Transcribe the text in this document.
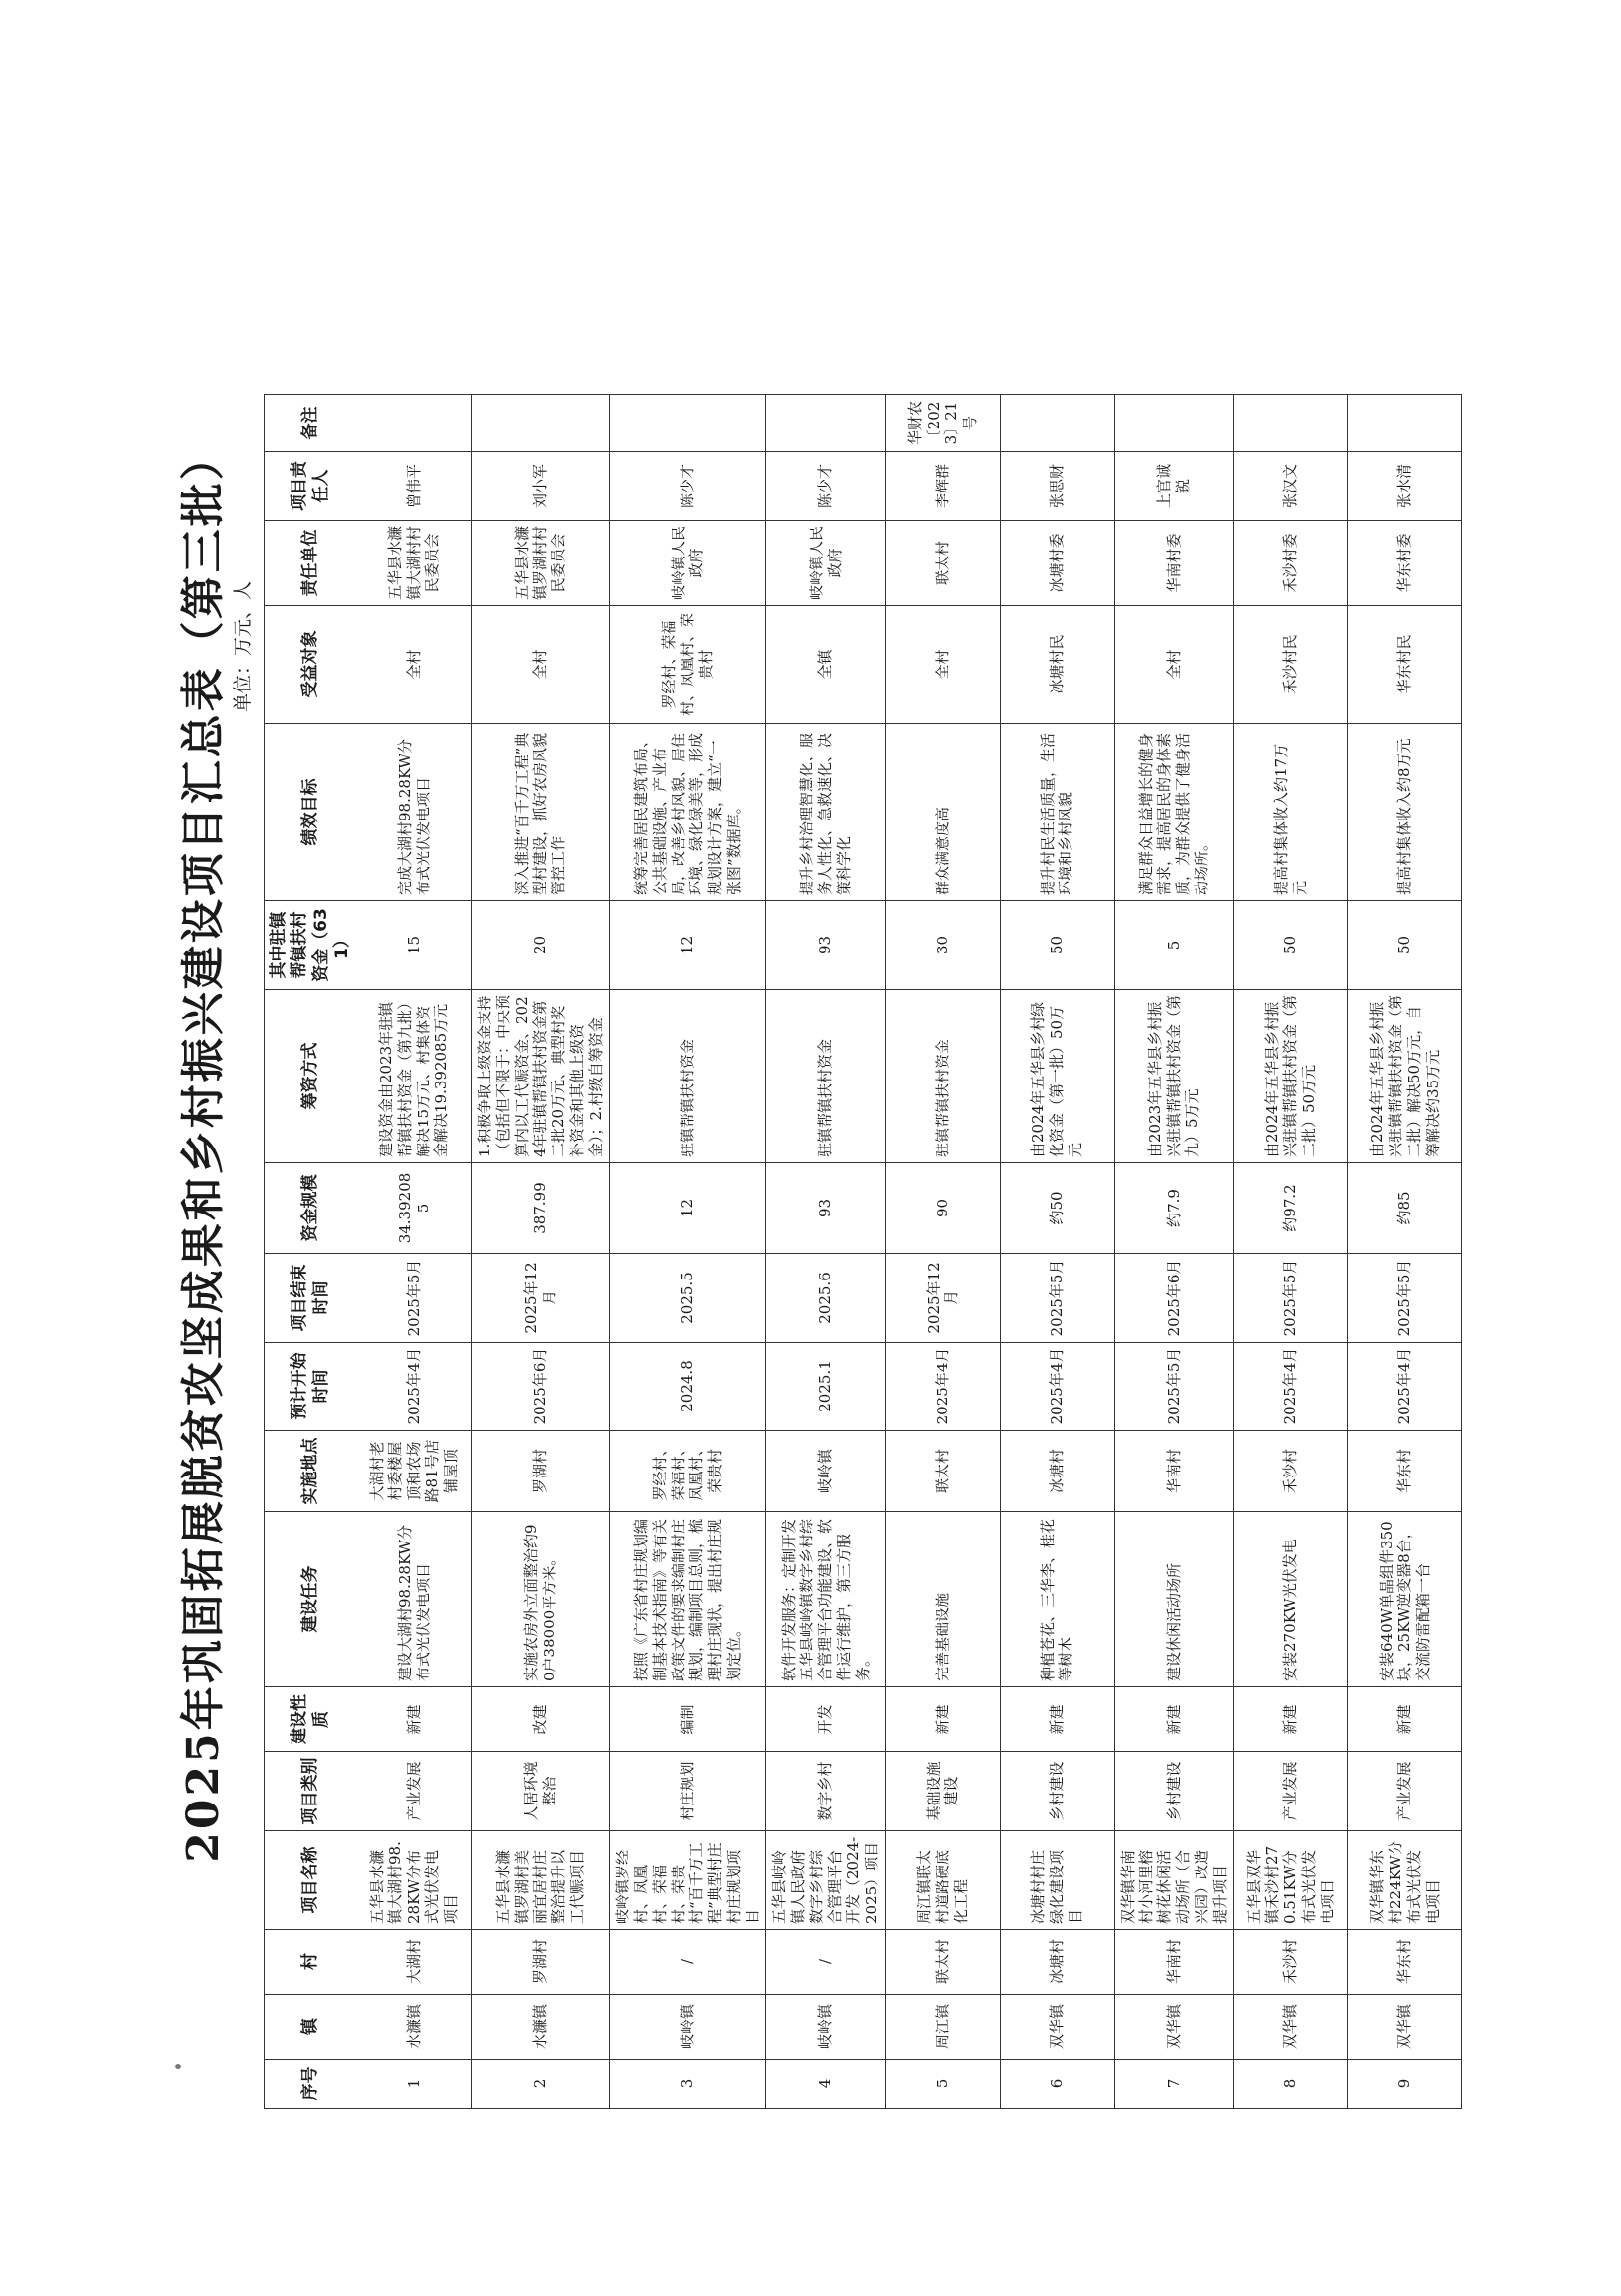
2025年巩固拓展脱贫攻坚成果和乡村振兴建设项目汇总表（第三批） 单位：万元、人
序号	镇	村	项目名称	项目类别	建设性质	建设任务	实施地点	预计开始时间	项目结束时间	资金规模	筹资方式	其中驻镇帮镇扶村资金（631）	绩效目标	受益对象	责任单位	项目责任人	备注
1	水濂镇	大湖村	五华县水濂镇大湖村98.28KW分布式光伏发电项目	产业发展	新建	建设大湖村98.28KW分布式光伏发电项目	大湖村老村委楼屋顶和农场路81号店铺屋顶	2025年4月	2025年5月	34.392085	建设资金由2023年驻镇帮镇扶村资金（第九批）解决15万元、村集体资金解决19.392085万元	15	完成大湖村98.28KW分布式光伏发电项目	全村	五华县水濂镇大湖村村民委员会	曾伟平	
2	水濂镇	罗湖村	五华县水濂镇罗湖村美丽宜居村庄整治提升以工代赈项目	人居环境整治	改建	实施农房外立面整治约90户38000平方米。	罗湖村	2025年6月	2025年12月	387.99	1.积极争取上级资金支持（包括但不限于：中央预算内以工代赈资金、2024年驻镇帮镇扶村资金第二批20万元、典型村奖补资金和其他上级资金）；2.村级自筹资金	20	深入推进“百千万工程”典型村建设，抓好农房风貌管控工作	全村	五华县水濂镇罗湖村村民委员会	刘小军	
3	岐岭镇	/	岐岭镇罗经村、凤凰村、荣福村、荣贵村“百千万工程”典型村庄村庄规划项目	村庄规划	编制	按照《广东省村庄规划编制基本技术指南》等有关政策文件的要求编制村庄规划，编制项目总则，梳理村庄现状，提出村庄规划定位。	罗经村、荣福村、凤凰村、荣贵村	2024.8	2025.5	12	驻镇帮镇扶村资金	12	统筹完善居民建筑布局、公共基础设施、产业布局，改善乡村风貌、居住环境、绿化绿美等，形成规划设计方案，建立“一张图”数据库。	罗经村、荣福村、凤凰村、荣贵村	岐岭镇人民政府	陈少才	
4	岐岭镇	/	五华县岐岭镇人民政府数字乡村综合管理平台开发（2024-2025）项目	数字乡村	开发	软件开发服务：定制开发五华县岐岭镇数字乡村综合管理平台功能建设、软件运行维护，第三方服务。	岐岭镇	2025.1	2025.6	93	驻镇帮镇扶村资金	93	提升乡村治理智慧化、服务人性化、急救速化、决策科学化	全镇	岐岭镇人民政府	陈少才	
5	周江镇	联太村	周江镇联太村道路硬底化工程	基础设施建设	新建	完善基础设施	联太村	2025年4月	2025年12月	90	驻镇帮镇扶村资金	30	群众满意度高	全村	联太村	李辉群	华财农〔2023〕21号
6	双华镇	冰塘村	冰塘村村庄绿化建设项目	乡村建设	新建	种植苍花、三华李、桂花等树木	冰塘村	2025年4月	2025年5月	约50	由2024年五华县乡村绿化资金（第一批）50万元	50	提升村民生活质量，生活环境和乡村风貌	冰塘村民	冰塘村委	张思财	
7	双华镇	华南村	双华镇华南村小河里榕树花休闲活动场所（合兴园）改造提升项目	乡村建设	新建	建设休闲活动场所	华南村	2025年5月	2025年6月	约7.9	由2023年五华县乡村振兴驻镇帮镇扶村资金（第九）5万元	5	满足群众日益增长的健身需求，提高居民的身体素质，为群众提供了健身活动场所。	全村	华南村委	上官诚锐	
8	双华镇	禾沙村	五华县双华镇禾沙村270.51KW分布式光伏发电项目	产业发展	新建	安装270KW光伏发电	禾沙村	2025年4月	2025年5月	约97.2	由2024年五华县乡村振兴驻镇帮镇扶村资金（第二批）50万元	50	提高村集体收入约17万元	禾沙村民	禾沙村委	张汉文	
9	双华镇	华东村	双华镇华东村224KW分布式光伏发电项目	产业发展	新建	安装640W单晶组件350块，25KW逆变器8台，交流防雷配箱一台	华东村	2025年4月	2025年5月	约85	由2024年五华县乡村振兴驻镇帮镇扶村资金（第二批）解决50万元，自筹解决约35万元	50	提高村集体收入约8万元	华东村民	华东村委	张水清	
